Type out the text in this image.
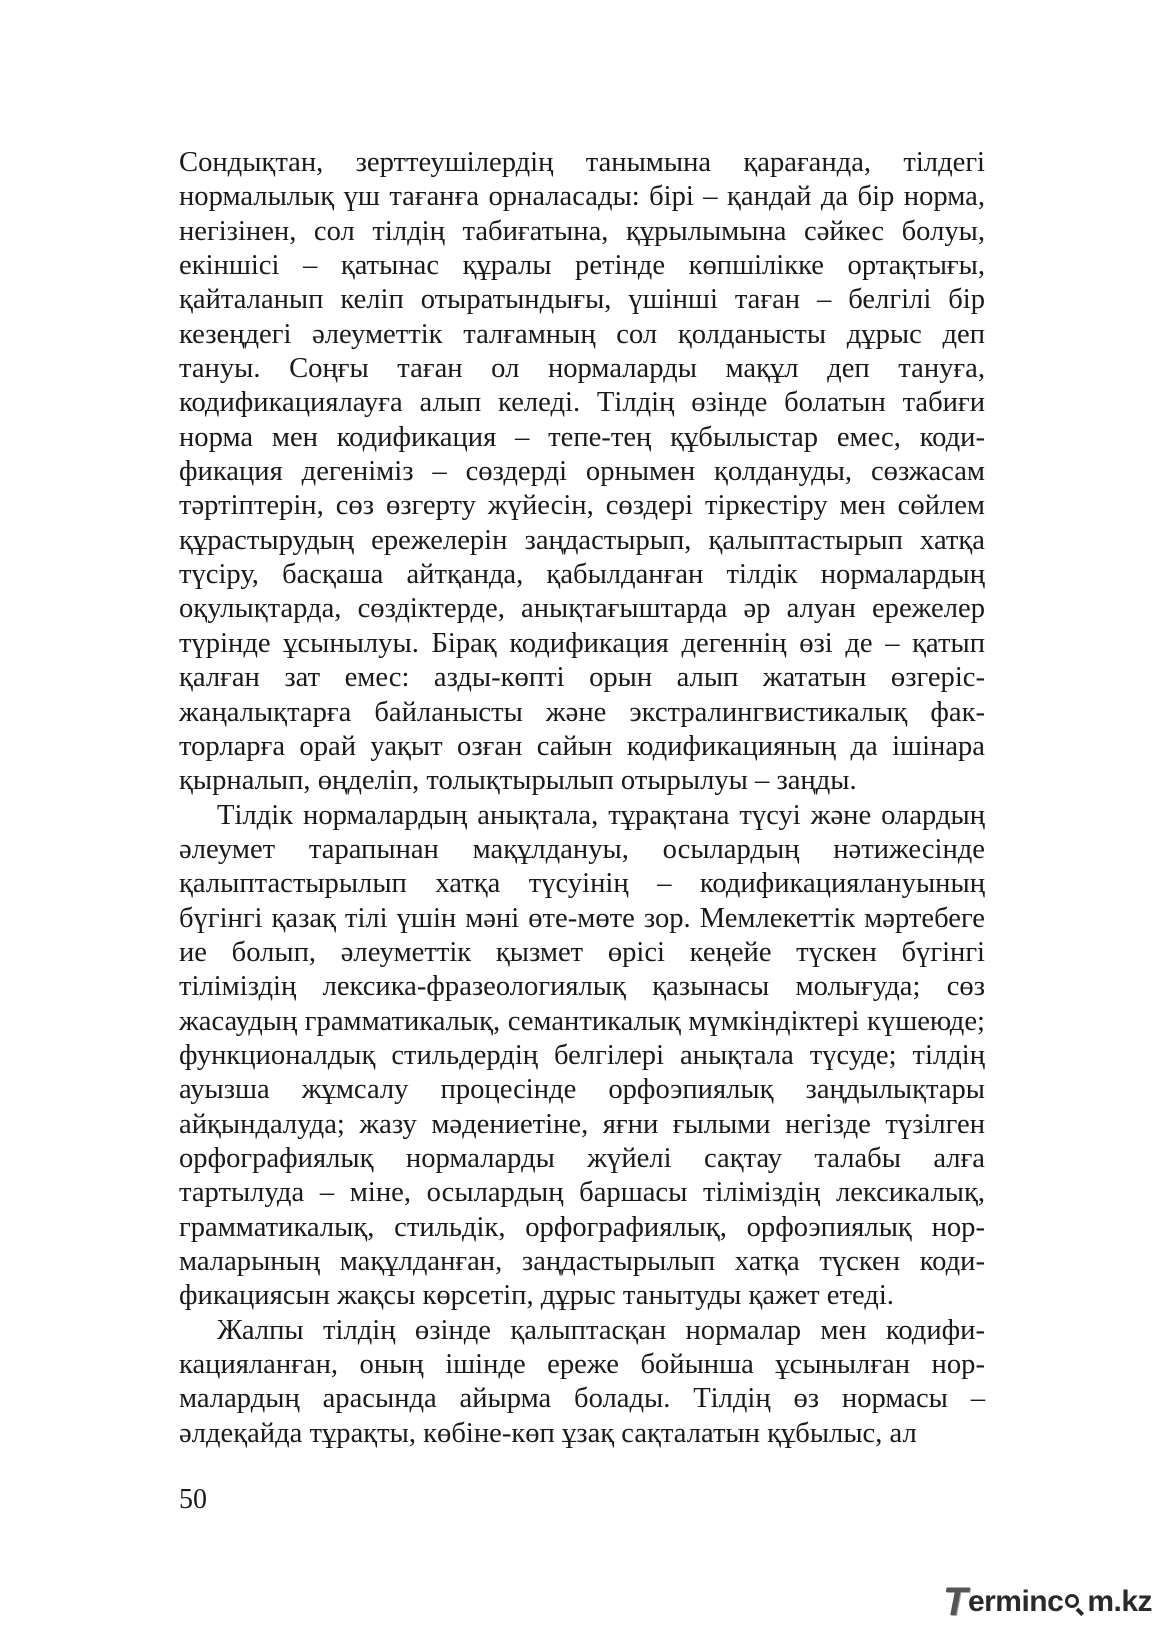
Сондықтан, зерттеушілердің танымына қарағанда, тілдегі нормалылық үш тағанға орналасады: бірі – қандай да бір норма, негізінен, сол тілдің табиғатына, құрылымына сәйкес болуы, екіншісі – қатынас құралы ретінде көпшілікке ортақтығы, қайталанып келіп отыратындығы, үшінші таған – белгілі бір кезеңдегі әлеуметтік талғамның сол қолданысты дұрыс деп тануы. Соңғы таған ол нормаларды мақұл деп тануға, кодификациялауға алып келеді. Тілдің өзінде болатын табиғи норма мен кодификация – тепе-тең құбылыстар емес, кодификация дегеніміз – сөздерді орнымен қолдануды, сөзжасам тәртіптерін, сөз өзгерту жүйесін, сөздері тіркестіру мен сөйлем құрастырудың ережелерін заңдастырып, қалыптастырып хатқа түсіру, басқаша айтқанда, қабылданған тілдік нормалардың оқулықтарда, сөздіктерде, анықтағыштарда әр алуан ережелер түрінде ұсынылуы. Бірақ кодификация дегеннің өзі де – қатып қалған зат емес: азды-көпті орын алып жататын өзгеріс-жаңалықтарға байланысты және экстралингвистикалық факторларға орай уақыт озған сайын кодификацияның да ішінара қырналып, өңделіп, толықтырылып отырылуы – заңды.

Тілдік нормалардың анықтала, тұрақтана түсуі және олардың әлеумет тарапынан мақұлдануы, осылардың нәтижесінде қалыптастырылып хатқа түсуінің – кодификациялануының бүгінгі қазақ тілі үшін мәні өте-мөте зор. Мемлекеттік мәртебеге ие болып, әлеуметтік қызмет өрісі кеңейе түскен бүгінгі тіліміздің лексика-фразеологиялық қазынасы молығуда; сөз жасаудың грамматикалық, семантикалық мүмкіндіктері күшеюде; функционалдық стильдердің белгілері анықтала түсуде; тілдің ауызша жұмсалу процесінде орфоэпиялық заңдылықтары айқындалуда; жазу мәдениетіне, яғни ғылыми негізде түзілген орфографиялық нормаларды жүйелі сақтау талабы алға тартылуда – міне, осылардың баршасы тіліміздің лексикалық, грамматикалық, стильдік, орфографиялық, орфоэпиялық нормаларының мақұлданған, заңдастырылып хатқа түскен кодификациясын жақсы көрсетіп, дұрыс танытуды қажет етеді.

Жалпы тілдің өзінде қалыптасқан нормалар мен кодификацияланған, оның ішінде ереже бойынша ұсынылған нормалардың арасында айырма болады. Тілдің өз нормасы – әлдеқайда тұрақты, көбіне-көп ұзақ сақталатын құбылыс, ал

50
T erminc m.kz
